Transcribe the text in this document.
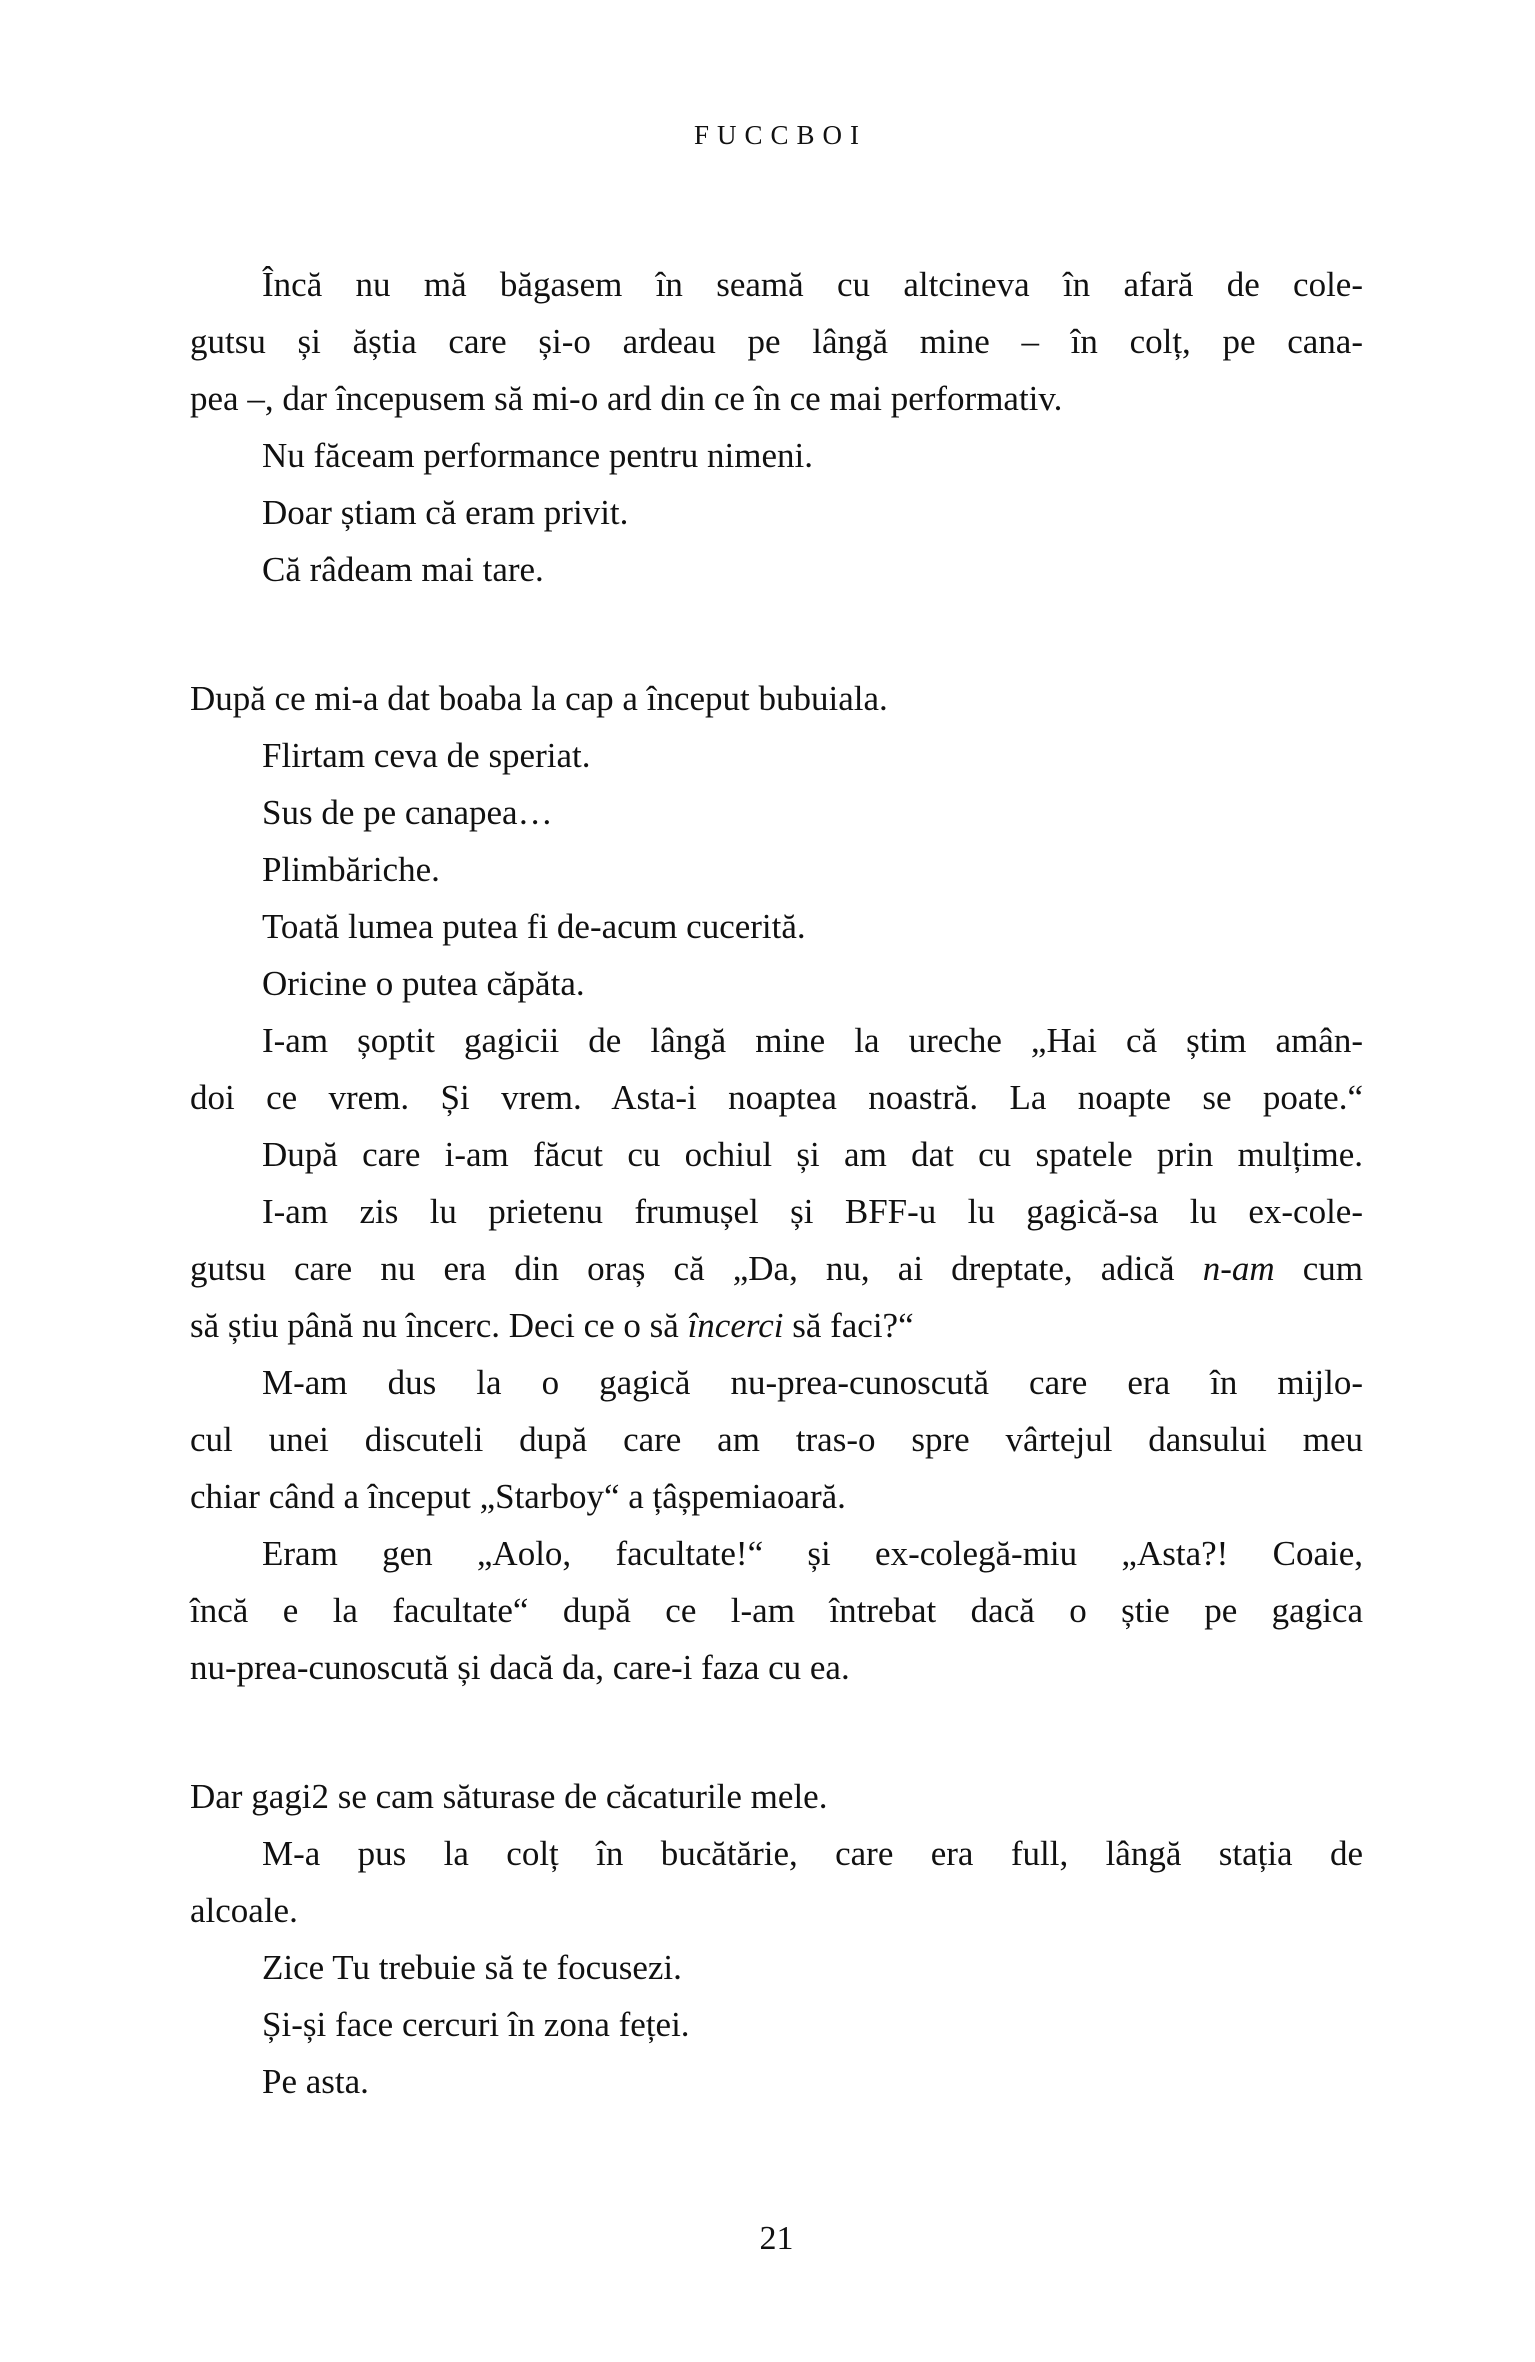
FUCCBOI
Încă nu mă băgasem în seamă cu altcineva în afară de cole-
gutsu și ăștia care și-o ardeau pe lângă mine – în colț, pe cana-
pea –, dar începusem să mi-o ard din ce în ce mai performativ.
Nu făceam performance pentru nimeni.
Doar știam că eram privit.
Că râdeam mai tare.
După ce mi-a dat boaba la cap a început bubuiala.
Flirtam ceva de speriat.
Sus de pe canapea…
Plimbăriche.
Toată lumea putea fi de-acum cucerită.
Oricine o putea căpăta.
I-am șoptit gagicii de lângă mine la ureche „Hai că știm amân-
doi ce vrem. Și vrem. Asta-i noaptea noastră. La noapte se poate.“
După care i-am făcut cu ochiul și am dat cu spatele prin mulțime.
I-am zis lu prietenu frumușel și BFF-u lu gagică-sa lu ex-cole-
gutsu care nu era din oraș că „Da, nu, ai dreptate, adică n-am cum
să știu până nu încerc. Deci ce o să încerci să faci?“
M-am dus la o gagică nu-prea-cunoscută care era în mijlo-
cul unei discuteli după care am tras-o spre vârtejul dansului meu
chiar când a început „Starboy“ a țâșpemiaoară.
Eram gen „Aolo, facultate!“ și ex-colegă-miu „Asta?! Coaie,
încă e la facultate“ după ce l-am întrebat dacă o știe pe gagica
nu-prea-cunoscută și dacă da, care-i faza cu ea.
Dar gagi2 se cam săturase de căcaturile mele.
M-a pus la colț în bucătărie, care era full, lângă stația de
alcoale.
Zice Tu trebuie să te focusezi.
Și-și face cercuri în zona feței.
Pe asta.
21
